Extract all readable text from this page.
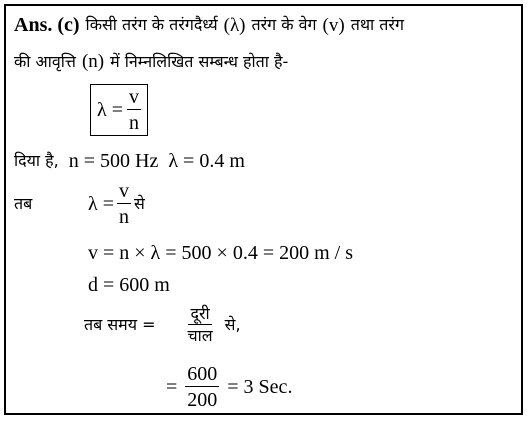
Ans. (c) किसी तरंग के तरंगदैर्ध्य (λ) तरंग के वेग (v) तथा तरंग
की आवृत्ति (n) में निम्नलिखित सम्बन्ध होता है-
$\lambda = \frac{v}{n}$
दिया है, n = 500 Hz λ = 0.4 m
तब	$\lambda = \frac{v}{n}$ से
v = n × λ = 500 × 0.4 = 200 m / s
d = 600 m
तब समय = $\frac{\text{दूरी}}{\text{चाल}}$ से,
= $\frac{600}{200} = 3$ Sec.
